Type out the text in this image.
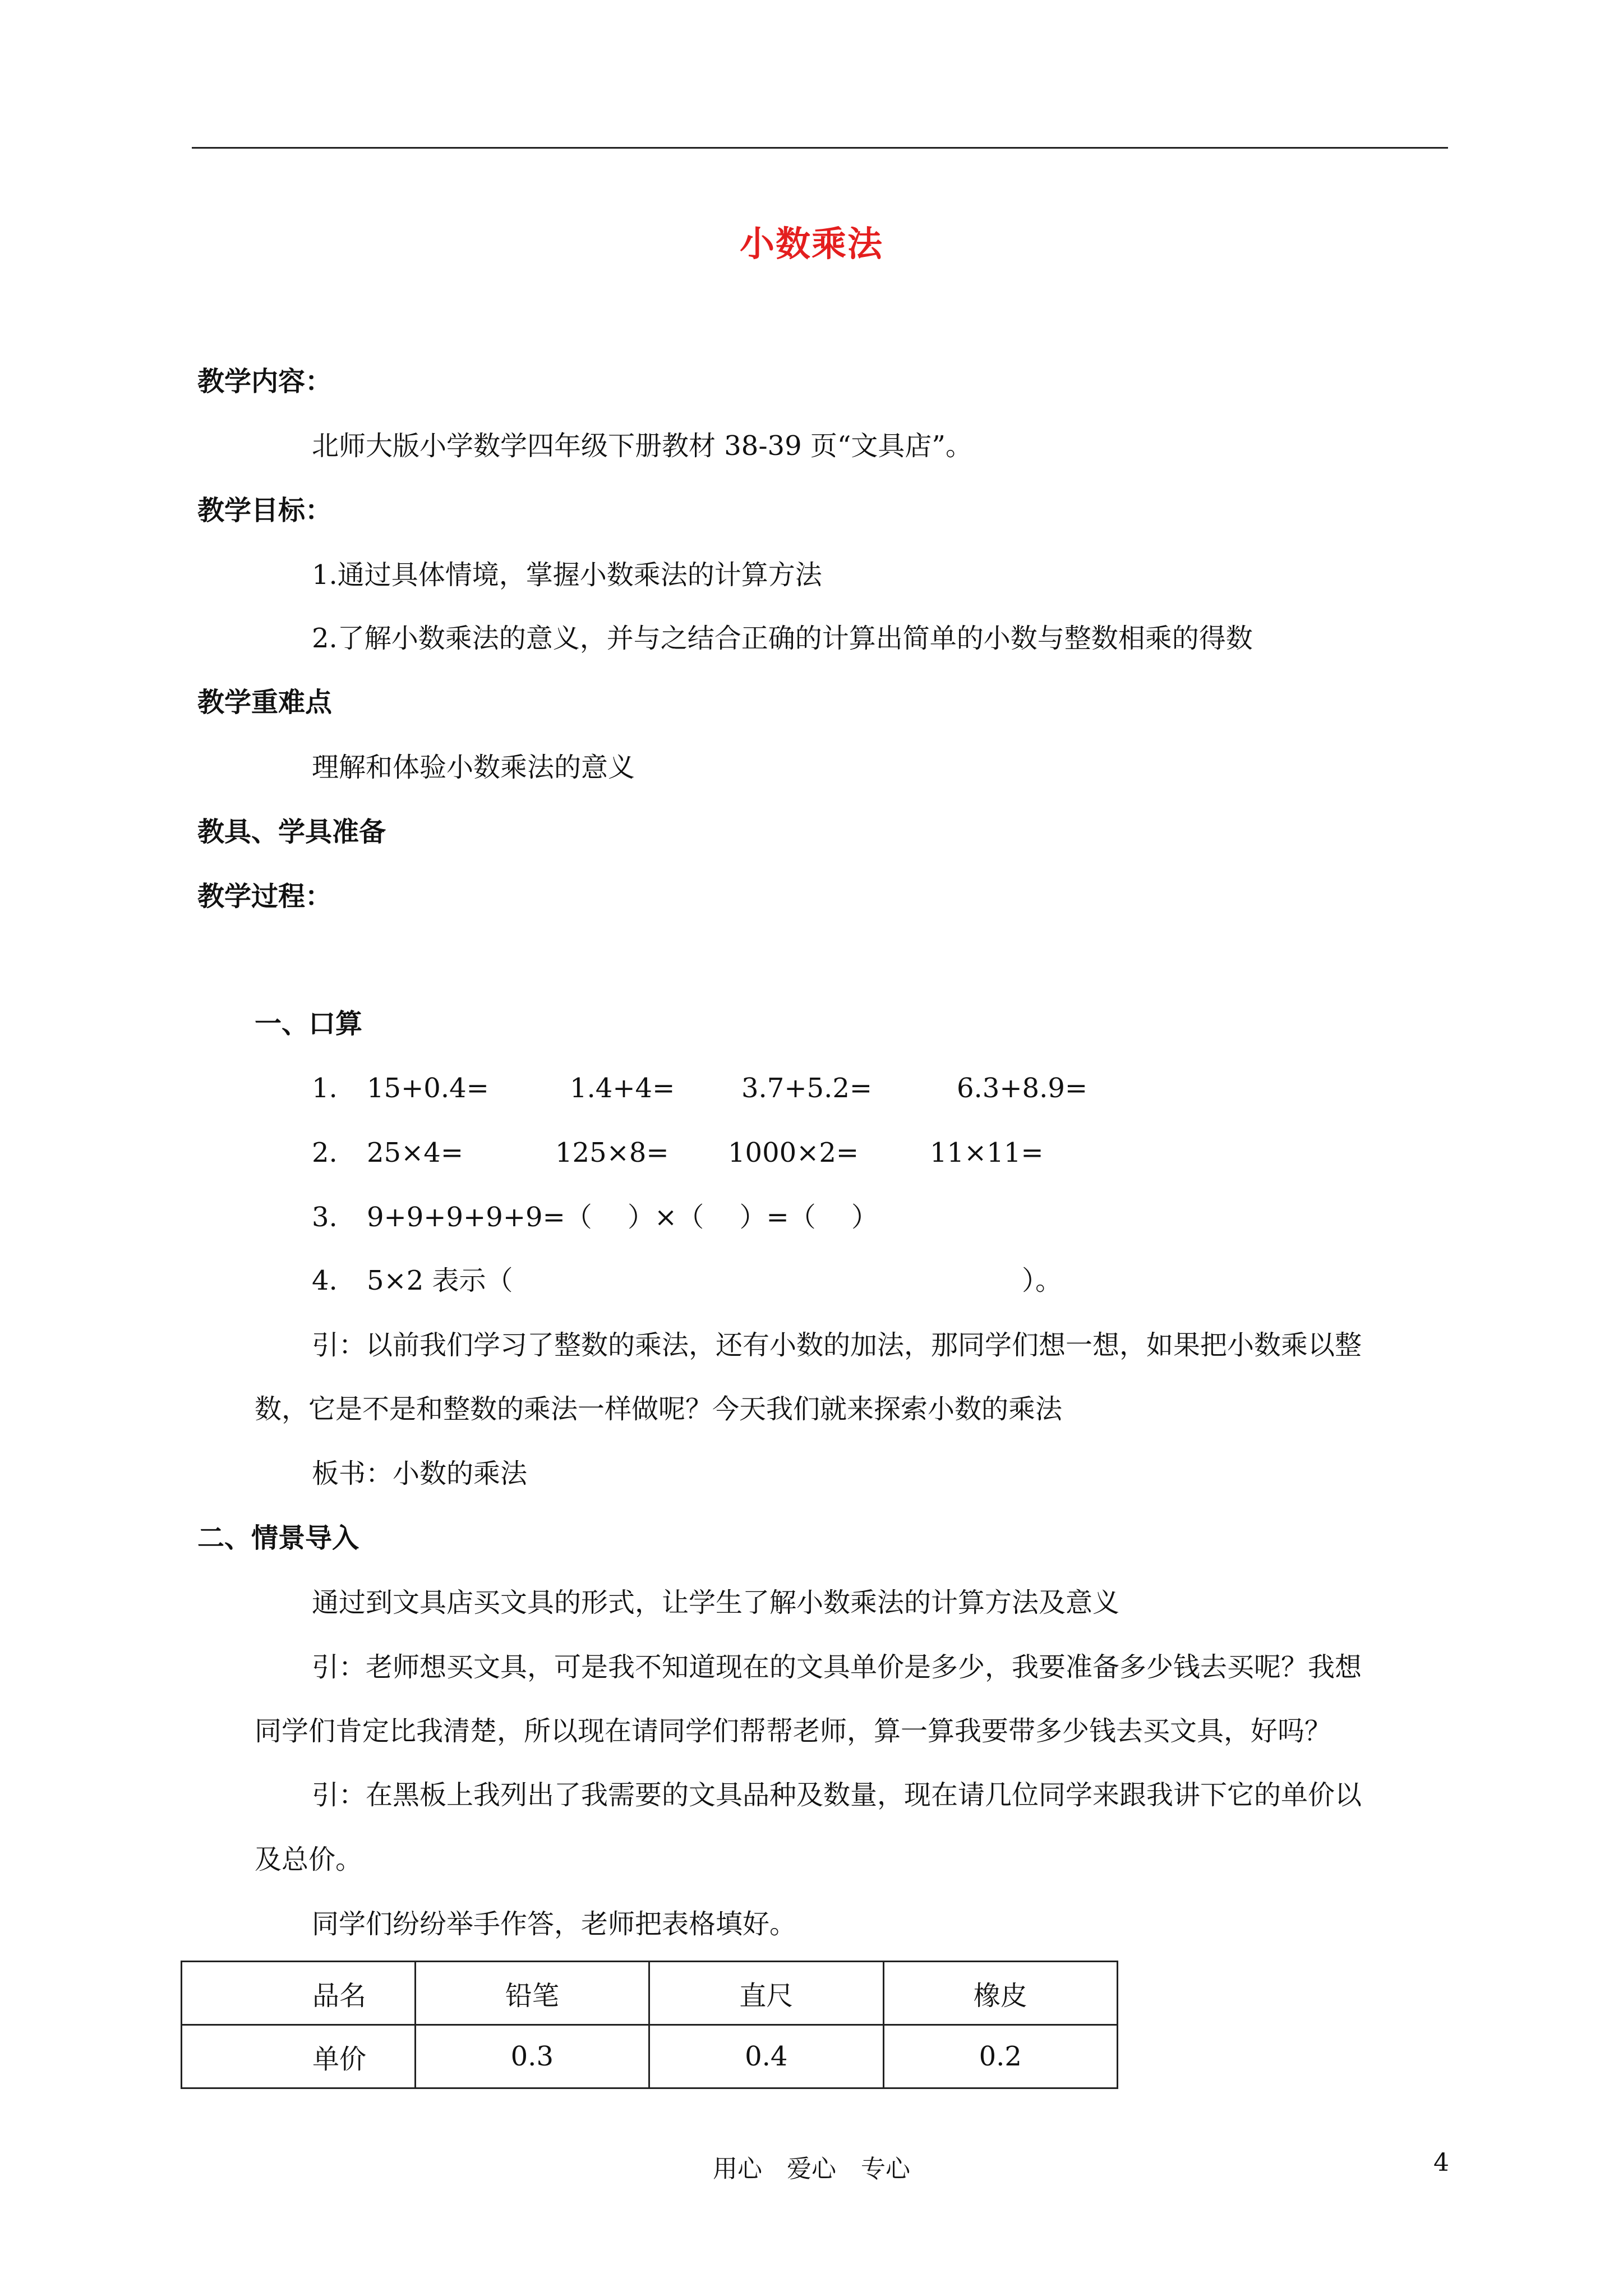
小数乘法
教学内容：
北师大版小学数学四年级下册教材 38-39 页“文具店”。
教学目标：
1.通过具体情境，掌握小数乘法的计算方法
2.了解小数乘法的意义，并与之结合正确的计算出简单的小数与整数相乘的得数
教学重难点
理解和体验小数乘法的意义
教具、学具准备
教学过程：
一、口算
1. 15+0.4=	1.4+4= 3.7+5.2=	6.3+8.9=
2. 25×4=	125×8= 1000×2=	11×11=
3. 9+9+9+9+9=（　 ）×（　 ）=（　 ）
4. 5×2 表示（	）。
引：以前我们学习了整数的乘法，还有小数的加法，那同学们想一想，如果把小数乘以整
数，它是不是和整数的乘法一样做呢？今天我们就来探索小数的乘法
板书：小数的乘法
二、情景导入
通过到文具店买文具的形式，让学生了解小数乘法的计算方法及意义
引：老师想买文具，可是我不知道现在的文具单价是多少，我要准备多少钱去买呢？我想
同学们肯定比我清楚，所以现在请同学们帮帮老师，算一算我要带多少钱去买文具，好吗？
引：在黑板上我列出了我需要的文具品种及数量，现在请几位同学来跟我讲下它的单价以
及总价。
同学们纷纷举手作答，老师把表格填好。
品名	铅笔	直尺	橡皮
单价	0.3	0.4	0.2
用心　爱心　专心	4
